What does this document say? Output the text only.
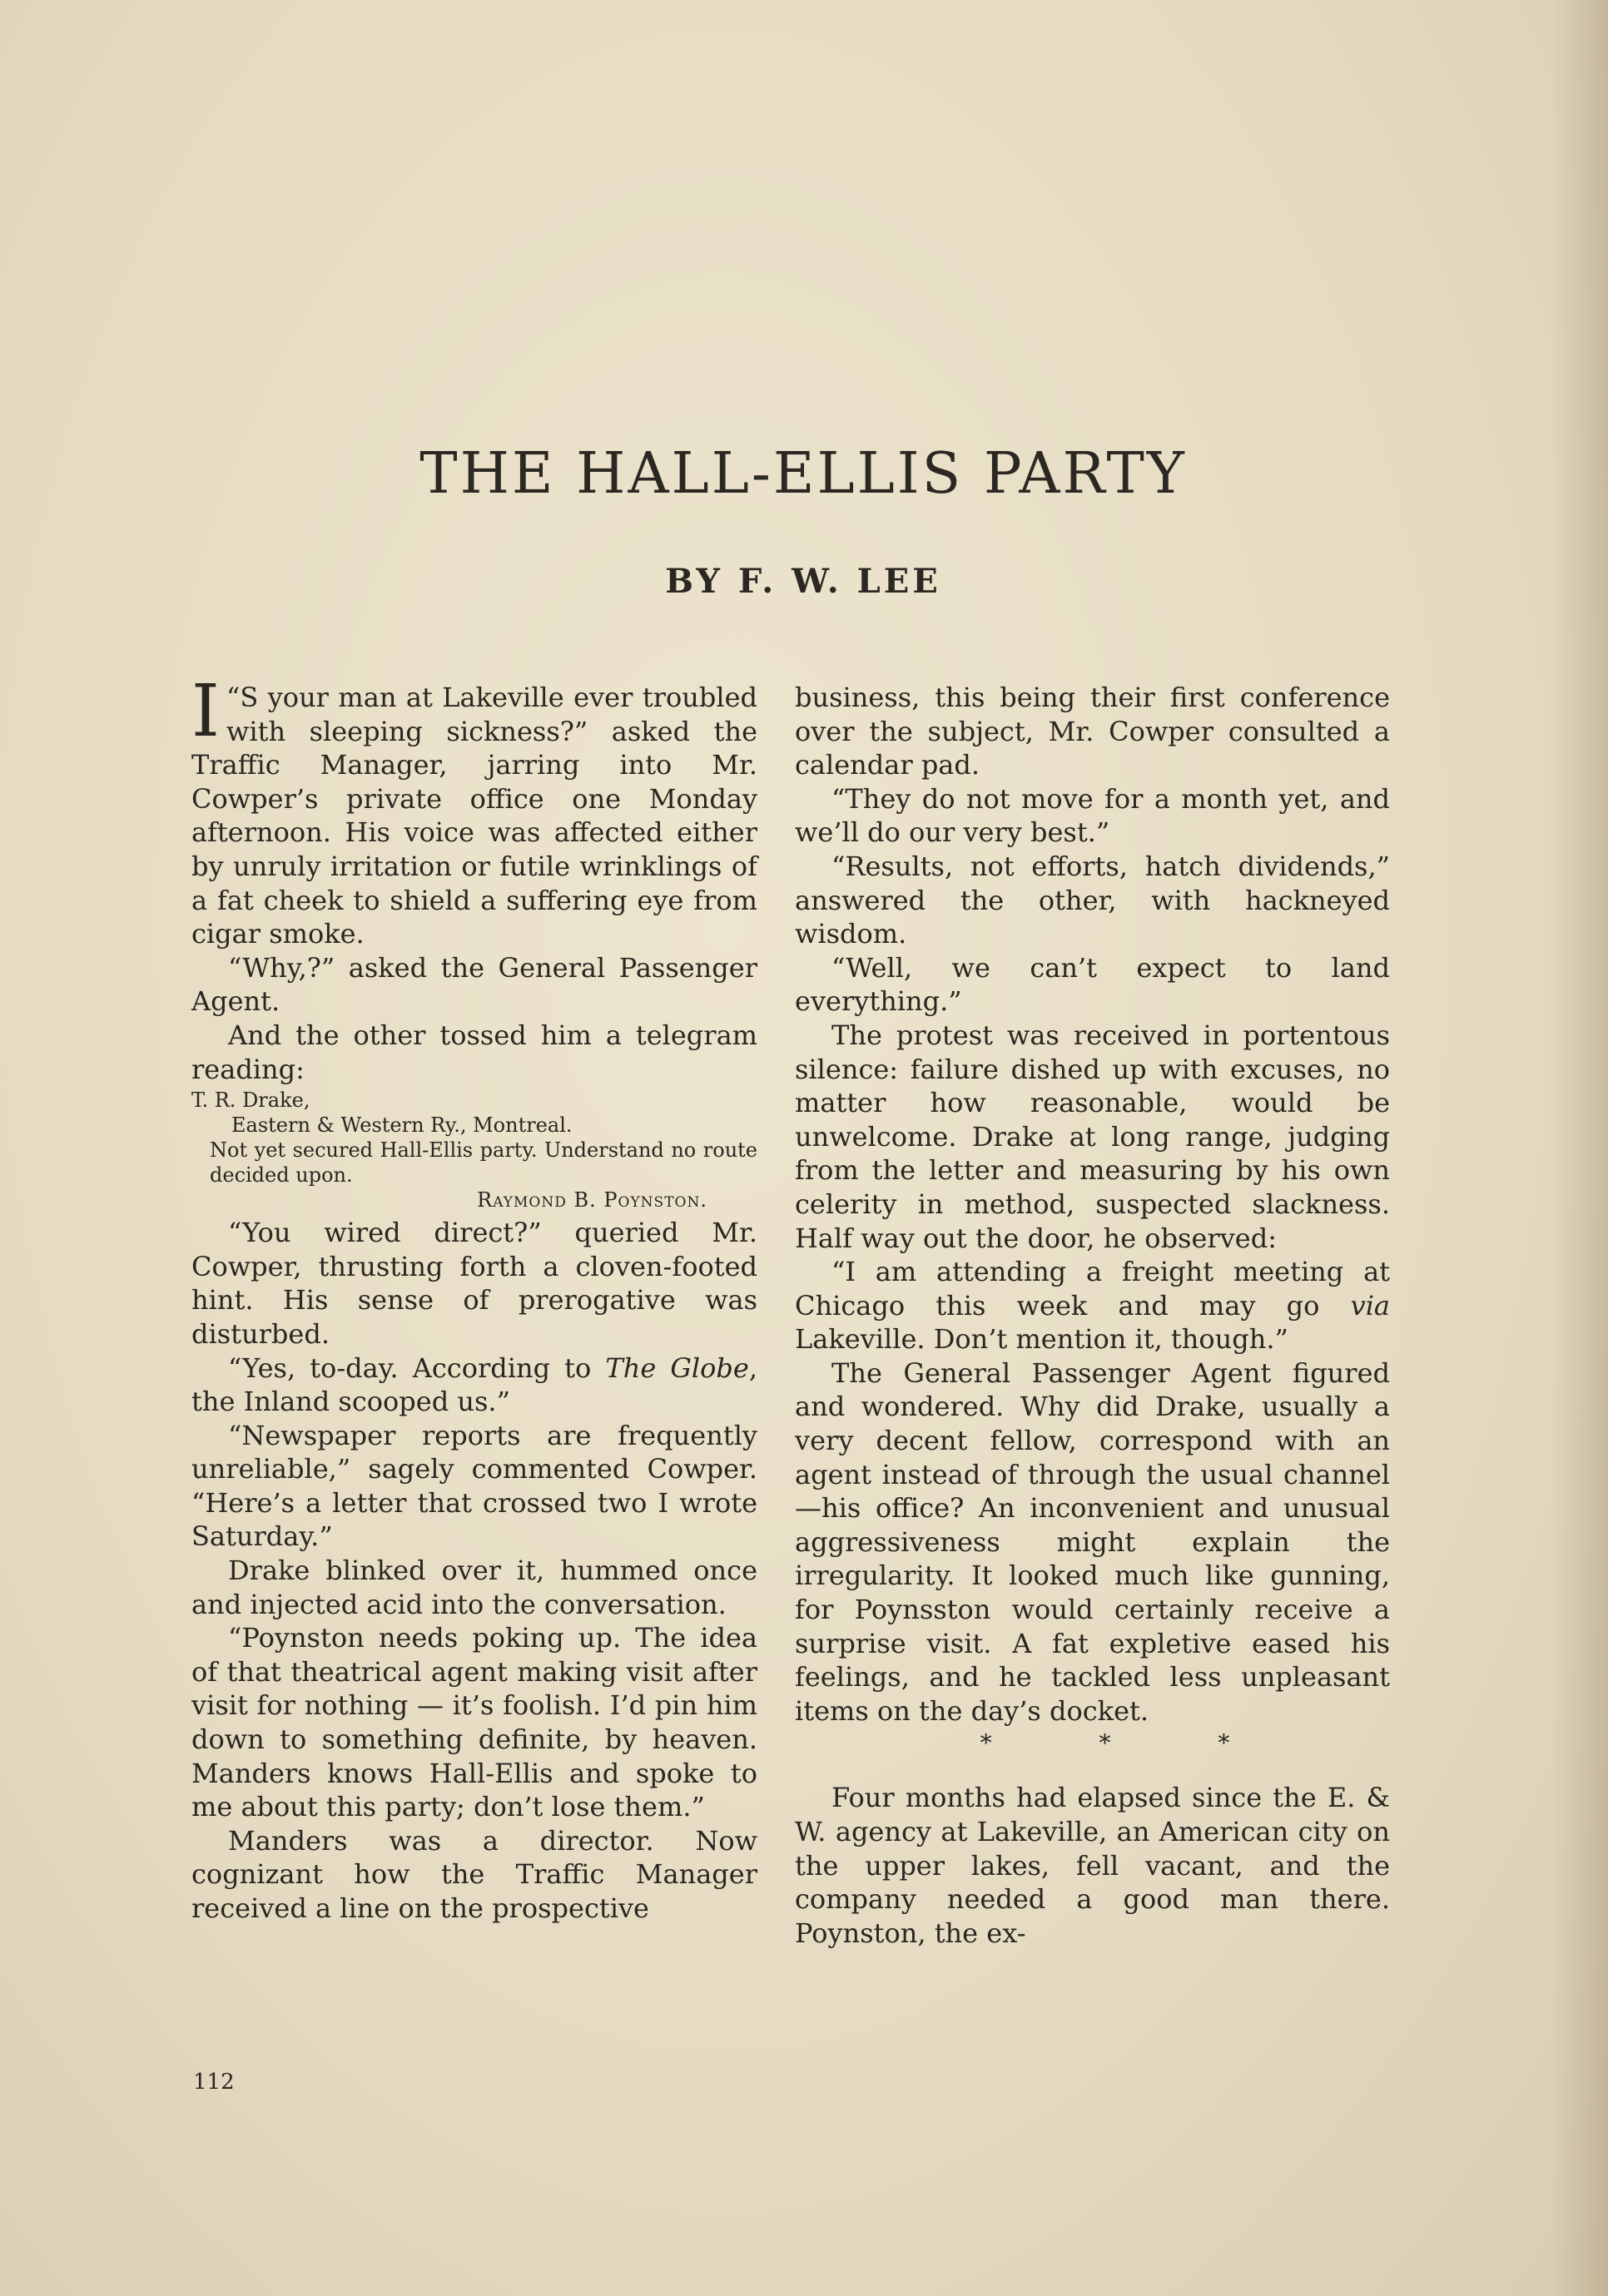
THE HALL-ELLIS PARTY
BY F. W. LEE

I “S your man at Lakeville ever troubled with sleeping sickness?” asked the Traffic Manager, jarring into Mr. Cowper’s private office one Monday afternoon. His voice was affected either by unruly irritation or futile wrinklings of a fat cheek to shield a suffering eye from cigar smoke.

“Why,?” asked the General Passenger Agent.

And the other tossed him a telegram reading:

T. R. Drake,
Eastern & Western Ry., Montreal.
Not yet secured Hall-Ellis party. Understand no route decided upon.
Raymond B. Poynston.

“You wired direct?” queried Mr. Cowper, thrusting forth a cloven-footed hint. His sense of prerogative was disturbed.

“Yes, to-day. According to The Globe, the Inland scooped us.”

“Newspaper reports are frequently unreliable,” sagely commented Cowper. “Here’s a letter that crossed two I wrote Saturday.”

Drake blinked over it, hummed once and injected acid into the conversation.

“Poynston needs poking up. The idea of that theatrical agent making visit after visit for nothing — it’s foolish. I’d pin him down to something definite, by heaven. Manders knows Hall-Ellis and spoke to me about this party; don’t lose them.”

Manders was a director. Now cognizant how the Traffic Manager received a line on the prospective

business, this being their first conference over the subject, Mr. Cowper consulted a calendar pad.

“They do not move for a month yet, and we’ll do our very best.”

“Results, not efforts, hatch dividends,” answered the other, with hackneyed wisdom.

“Well, we can’t expect to land everything.”

The protest was received in portentous silence: failure dished up with excuses, no matter how reasonable, would be unwelcome. Drake at long range, judging from the letter and measuring by his own celerity in method, suspected slackness. Half way out the door, he observed:

“I am attending a freight meeting at Chicago this week and may go via Lakeville. Don’t mention it, though.”

The General Passenger Agent figured and wondered. Why did Drake, usually a very decent fellow, correspond with an agent instead of through the usual channel—his office? An inconvenient and unusual aggressiveness might explain the irregularity. It looked much like gunning, for Poynsston would certainly receive a surprise visit. A fat expletive eased his feelings, and he tackled less unpleasant items on the day’s docket.

* * *

Four months had elapsed since the E. & W. agency at Lakeville, an American city on the upper lakes, fell vacant, and the company needed a good man there. Poynston, the ex-

112
